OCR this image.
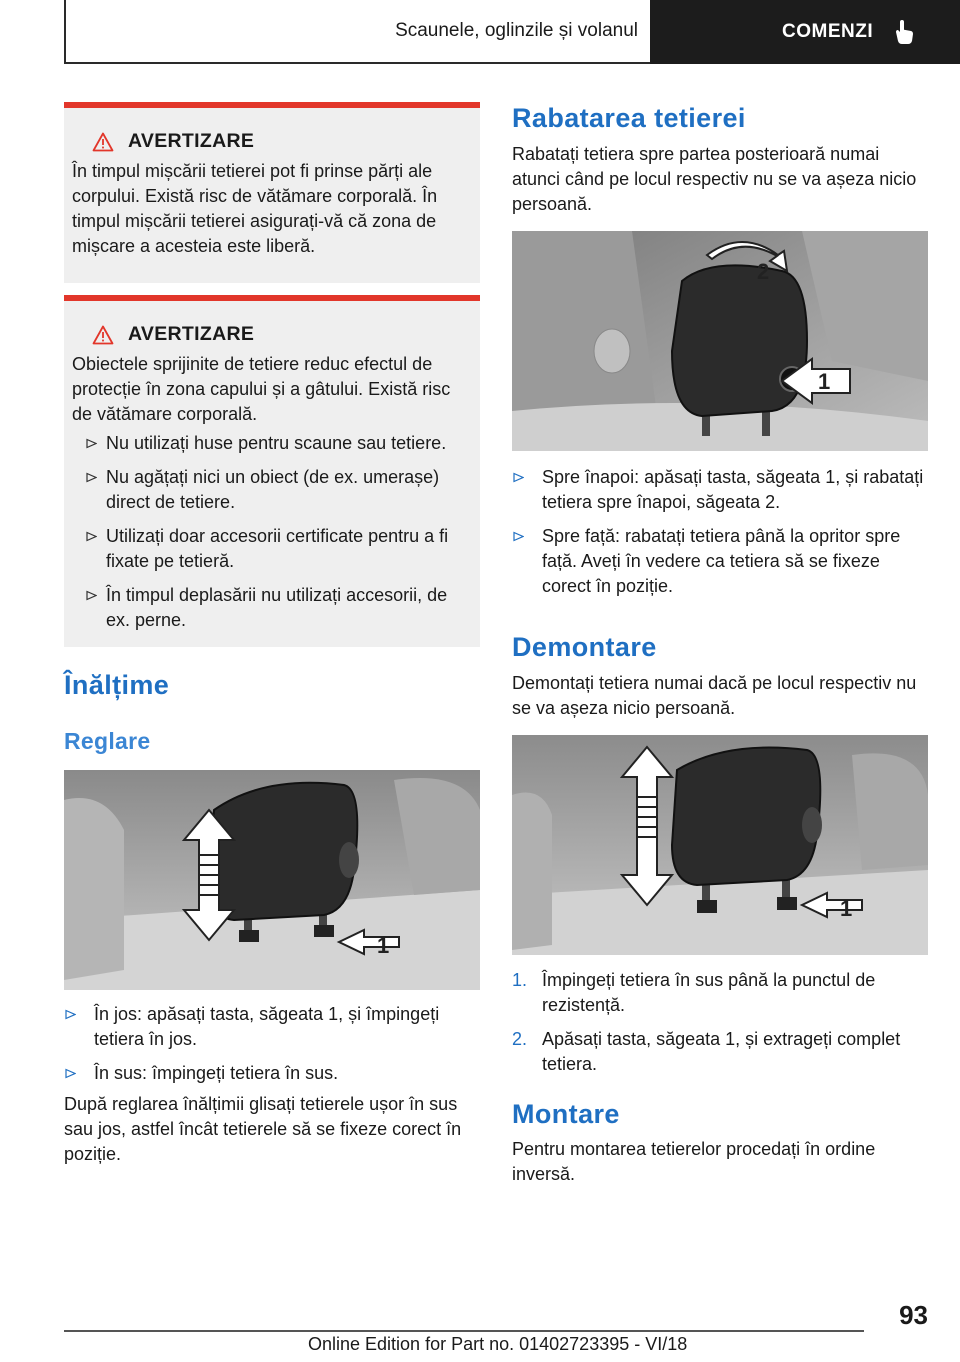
Scaunele, oglinzile și volanul	COMENZI
AVERTIZARE

În timpul mișcării tetierei pot fi prinse părți ale corpului. Există risc de vătămare corporală. În timpul mișcării tetierei asigurați-vă că zona de mișcare a acesteia este liberă.

AVERTIZARE

Obiectele sprijinite de tetiere reduc efectul de protecție în zona capului și a gâtului. Există risc de vătămare corporală.

Nu utilizați huse pentru scaune sau tetiere.
Nu agățați nici un obiect (de ex. umerașe) direct de tetiere.
Utilizați doar accesorii certificate pentru a fi fixate pe tetieră.
În timpul deplasării nu utilizați accesorii, de ex. perne.
Înălțime
Reglare
1
În jos: apăsați tasta, săgeata 1, și împingeți tetiera în jos.
În sus: împingeți tetiera în sus.
După reglarea înălțimii glisați tetierele ușor în sus sau jos, astfel încât tetierele să se fixeze corect în poziție.
Rabatarea tetierei
Rabatați tetiera spre partea posterioară numai atunci când pe locul respectiv nu se va așeza nicio persoană.
2
1
Spre înapoi: apăsați tasta, săgeata 1, și rabatați tetiera spre înapoi, săgeata 2.
Spre față: rabatați tetiera până la opritor spre față. Aveți în vedere ca tetiera să se fixeze corect în poziție.
Demontare
Demontați tetiera numai dacă pe locul respectiv nu se va așeza nicio persoană.
1
1. Împingeți tetiera în sus până la punctul de rezistență.
2. Apăsați tasta, săgeata 1, și extrageți complet tetiera.
Montare
Pentru montarea tetierelor procedați în ordine inversă.
93
Online Edition for Part no. 01402723395 - VI/18
